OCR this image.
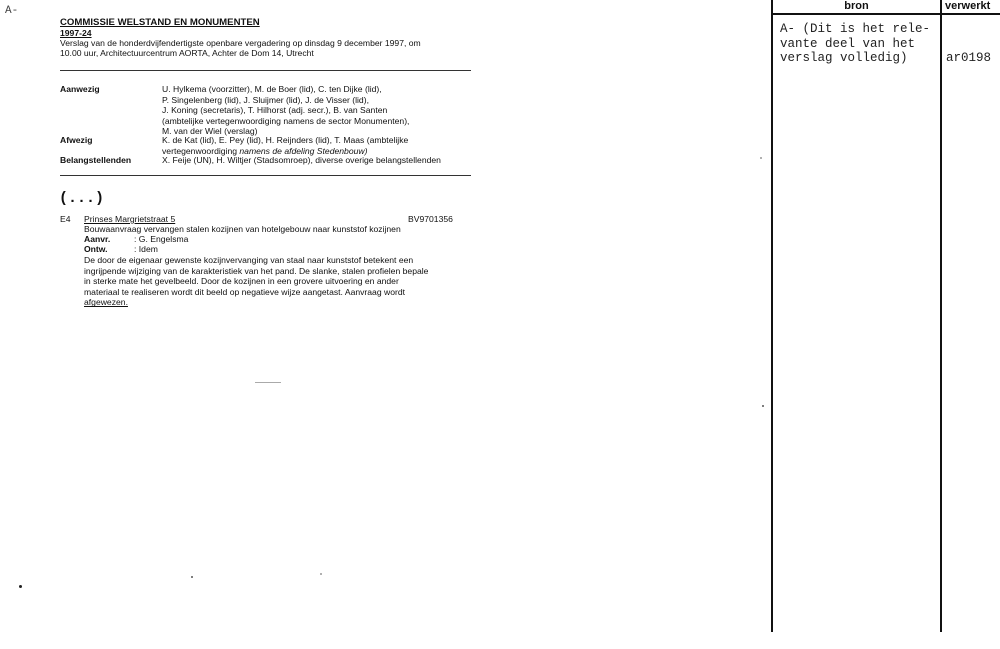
A-
COMMISSIE WELSTAND EN MONUMENTEN
1997-24
Verslag van de honderdvijfendertigste openbare vergadering op dinsdag 9 december 1997, om
10.00 uur, Architectuurcentrum AORTA, Achter de Dom 14, Utrecht
Aanwezig	U. Hylkema (voorzitter), M. de Boer (lid), C. ten Dijke (lid),
P. Singelenberg (lid), J. Sluijmer (lid), J. de Visser (lid),
J. Koning (secretaris), T. Hilhorst (adj. secr.), B. van Santen
(ambtelijke vertegenwoordiging namens de sector Monumenten),
M. van der Wiel (verslag)
Afwezig	K. de Kat (lid), E. Pey (lid), H. Reijnders (lid), T. Maas (ambtelijke
vertegenwoordiging namens de afdeling Stedenbouw)
Belangstellenden	X. Feije (UN), H. Wiltjer (Stadsomroep), diverse overige belangstellenden
(...)
E4 Prinses Margrietstraat 5	BV9701356
Bouwaanvraag vervangen stalen kozijnen van hotelgebouw naar kunststof kozijnen
Aanvr.	: G. Engelsma
Ontw.	: Idem
De door de eigenaar gewenste kozijnvervanging van staal naar kunststof betekent een
ingrijpende wijziging van de karakteristiek van het pand. De slanke, stalen profielen bepale
in sterke mate het gevelbeeld. Door de kozijnen in een grovere uitvoering en ander
materiaal te realiseren wordt dit beeld op negatieve wijze aangetast. Aanvraag wordt
afgewezen.
bron	verwerkt
A- (Dit is het rele-
vante deel van het
verslag volledig)	ar0198
